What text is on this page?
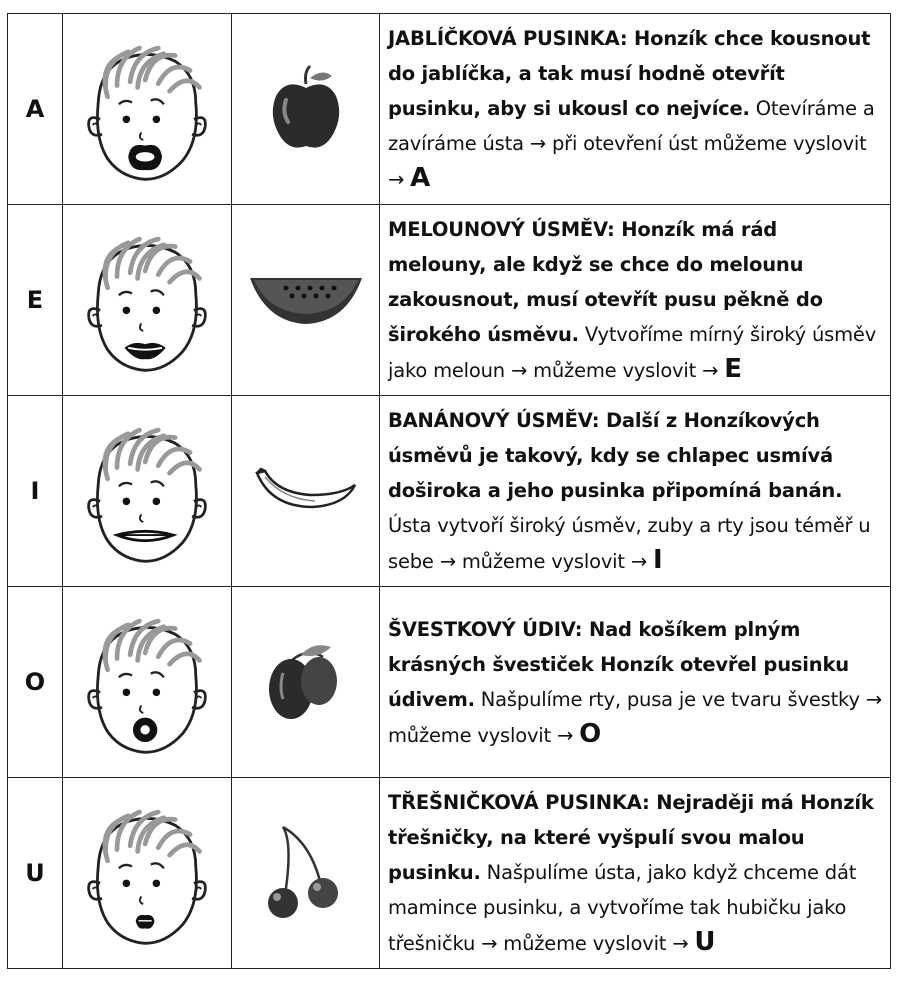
A			JABLÍČKOVÁ PUSINKA: Honzík chce kousnout do jablíčka, a tak musí hodně otevřít pusinku, aby si ukousl co nejvíce. Otevíráme a zavíráme ústa → při otevření úst můžeme vyslovit → A
E			MELOUNOVÝ ÚSMĚV: Honzík má rád melouny, ale když se chce do melounu zakousnout, musí otevřít pusu pěkně do širokého úsměvu. Vytvoříme mírný široký úsměv jako meloun → můžeme vyslovit → E
I			BANÁNOVÝ ÚSMĚV: Další z Honzíkových úsměvů je takový, kdy se chlapec usmívá doširoka a jeho pusinka připomíná banán. Ústa vytvoří široký úsměv, zuby a rty jsou téměř u sebe → můžeme vyslovit → I
O			ŠVESTKOVÝ ÚDIV: Nad košíkem plným krásných švestiček Honzík otevřel pusinku údivem. Našpulíme rty, pusa je ve tvaru švestky → můžeme vyslovit → O
U			TŘEŠNIČKOVÁ PUSINKA: Nejraději má Honzík třešničky, na které vyšpulí svou malou pusinku. Našpulíme ústa, jako když chceme dát mamince pusinku, a vytvoříme tak hubičku jako třešničku → můžeme vyslovit → U
